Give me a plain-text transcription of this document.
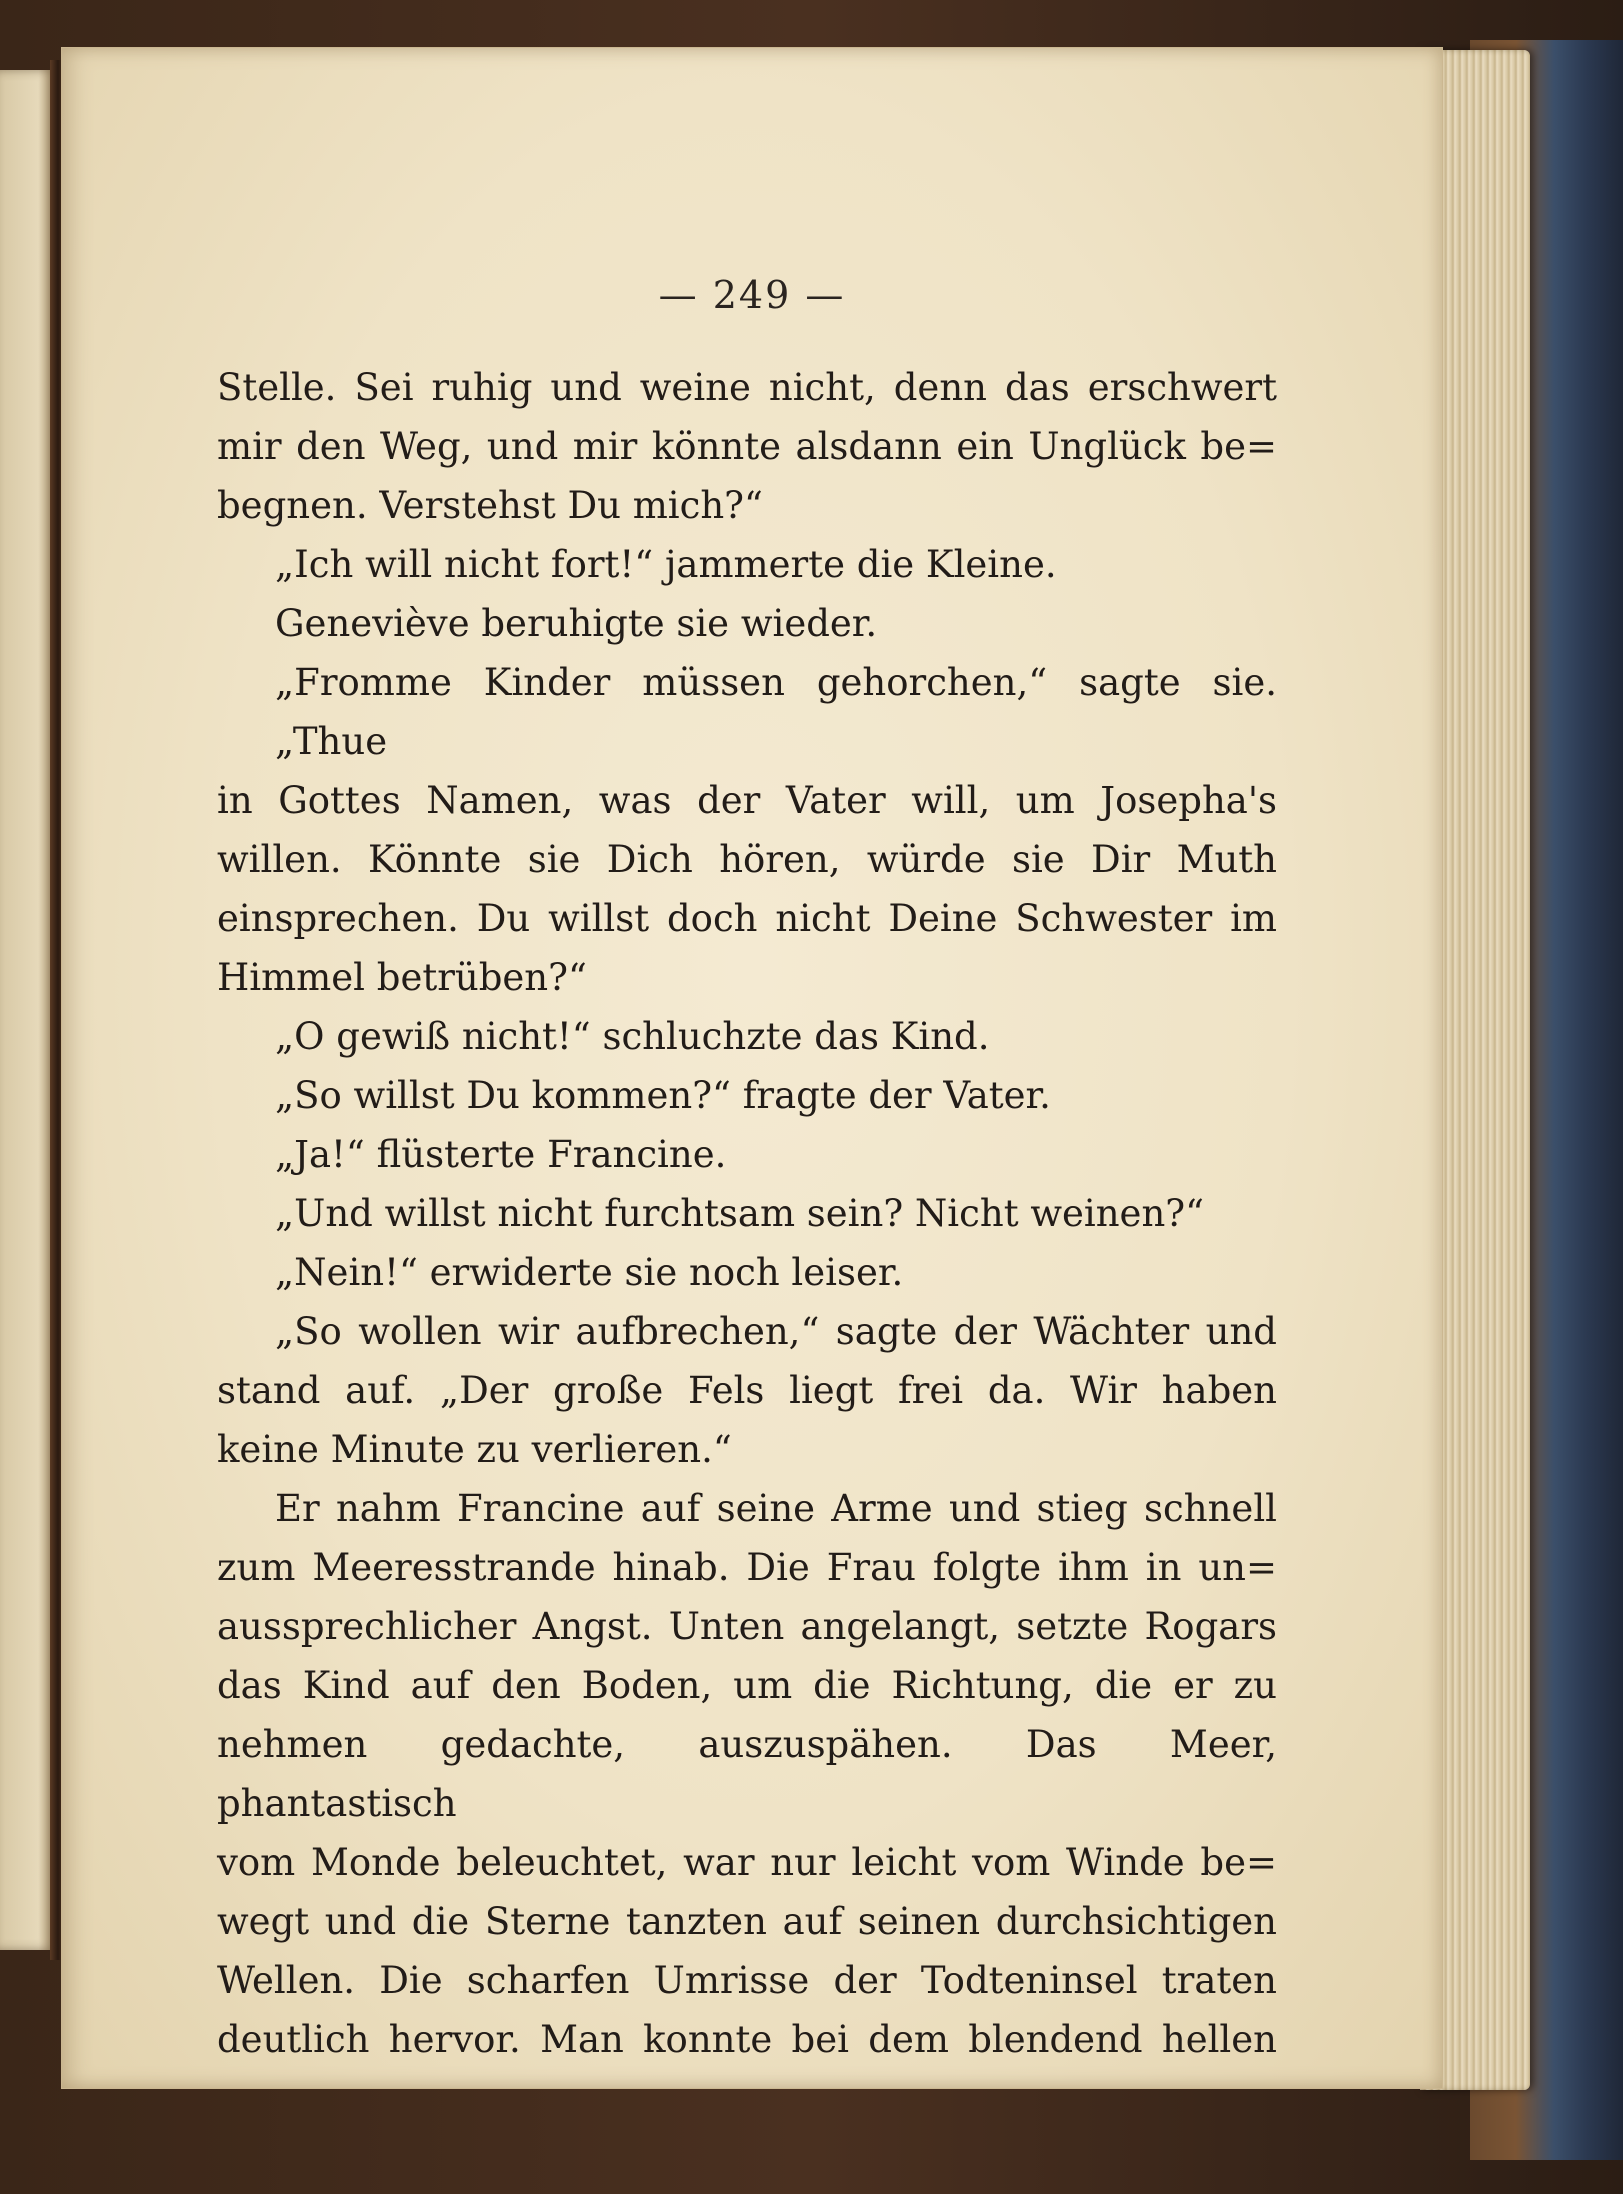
— 249 —
Stelle. Sei ruhig und weine nicht, denn das erschwert
mir den Weg, und mir könnte alsdann ein Unglück be=
begnen. Verstehst Du mich?“
„Ich will nicht fort!“ jammerte die Kleine.
Geneviève beruhigte sie wieder.
„Fromme Kinder müssen gehorchen,“ sagte sie. „Thue
in Gottes Namen, was der Vater will, um Josepha's
willen. Könnte sie Dich hören, würde sie Dir Muth
einsprechen. Du willst doch nicht Deine Schwester im
Himmel betrüben?“
„O gewiß nicht!“ schluchzte das Kind.
„So willst Du kommen?“ fragte der Vater.
„Ja!“ flüsterte Francine.
„Und willst nicht furchtsam sein? Nicht weinen?“
„Nein!“ erwiderte sie noch leiser.
„So wollen wir aufbrechen,“ sagte der Wächter und
stand auf. „Der große Fels liegt frei da. Wir haben
keine Minute zu verlieren.“
Er nahm Francine auf seine Arme und stieg schnell
zum Meeresstrande hinab. Die Frau folgte ihm in un=
aussprechlicher Angst. Unten angelangt, setzte Rogars
das Kind auf den Boden, um die Richtung, die er zu
nehmen gedachte, auszuspähen. Das Meer, phantastisch
vom Monde beleuchtet, war nur leicht vom Winde be=
wegt und die Sterne tanzten auf seinen durchsichtigen
Wellen. Die scharfen Umrisse der Todteninsel traten
deutlich hervor. Man konnte bei dem blendend hellen
